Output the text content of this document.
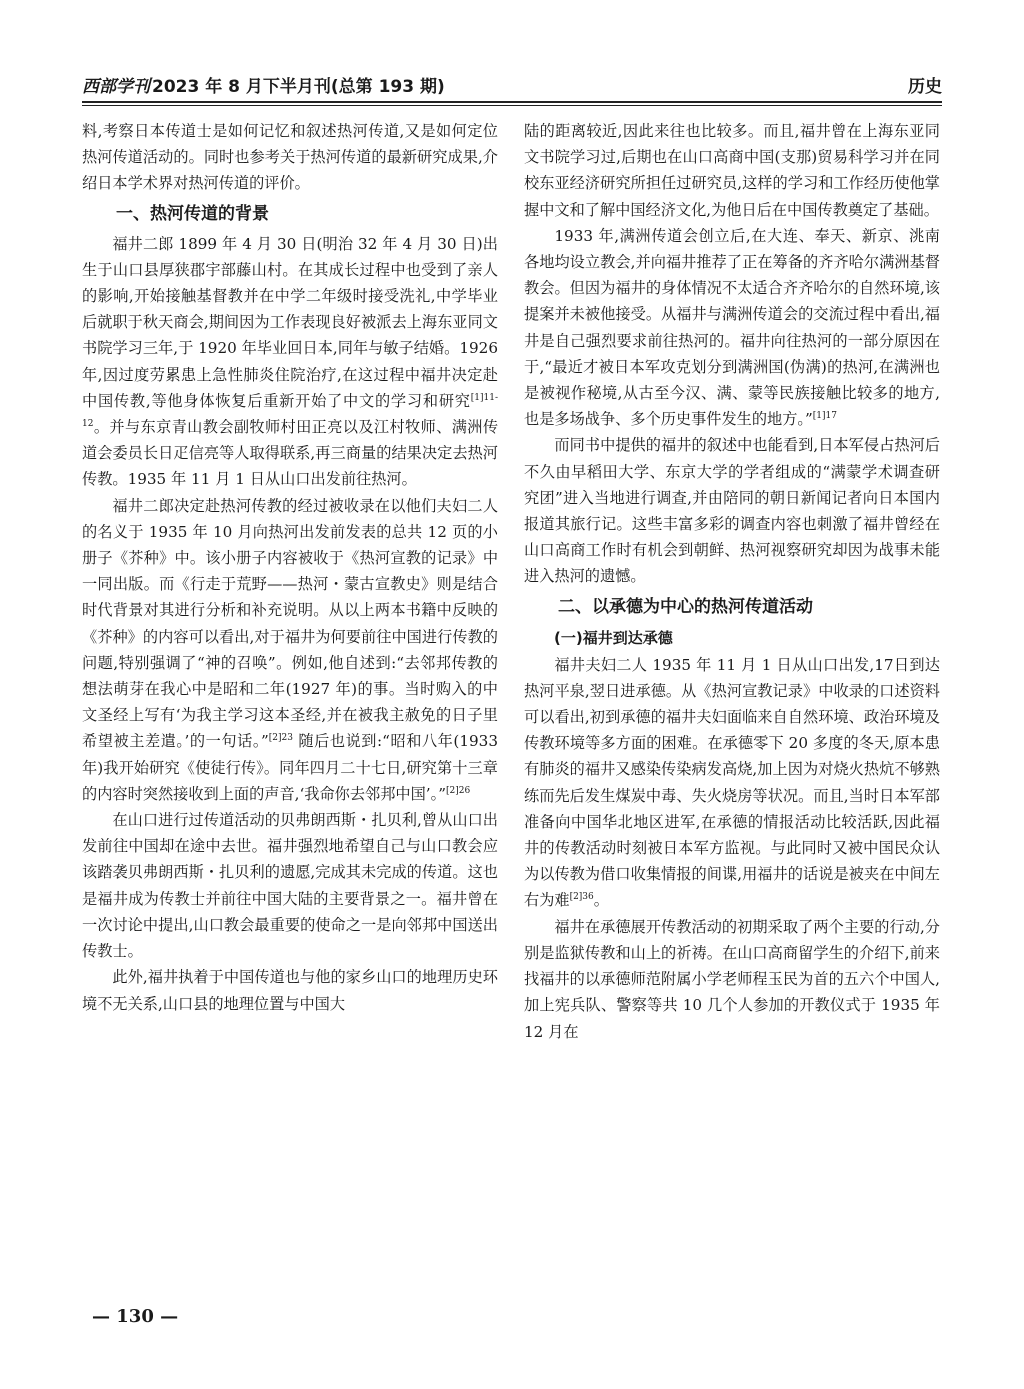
西部学刊 2023 年 8 月下半月刊(总第 193 期)	历史

料,考察日本传道士是如何记忆和叙述热河传道,又是如何定位热河传道活动的。同时也参考关于热河传道的最新研究成果,介绍日本学术界对热河传道的评价。

一、热河传道的背景

福井二郎 1899 年 4 月 30 日(明治 32 年 4 月 30 日)出生于山口县厚狭郡宇部藤山村。在其成长过程中也受到了亲人的影响,开始接触基督教并在中学二年级时接受洗礼,中学毕业后就职于秋天商会,期间因为工作表现良好被派去上海东亚同文书院学习三年,于 1920 年毕业回日本,同年与敏子结婚。1926年,因过度劳累患上急性肺炎住院治疗,在这过程中福井决定赴中国传教,等他身体恢复后重新开始了中文的学习和研究$^{[1]11-12}$。并与东京青山教会副牧师村田正亮以及江村牧师、满洲传道会委员长日疋信亮等人取得联系,再三商量的结果决定去热河传教。1935 年 11 月 1 日从山口出发前往热河。

福井二郎决定赴热河传教的经过被收录在以他们夫妇二人的名义于 1935 年 10 月向热河出发前发表的总共 12 页的小册子《芥种》中。该小册子内容被收于《热河宣教的记录》中一同出版。而《行走于荒野——热河・蒙古宣教史》则是结合时代背景对其进行分析和补充说明。从以上两本书籍中反映的《芥种》的内容可以看出,对于福井为何要前往中国进行传教的问题,特别强调了“神的召唤”。例如,他自述到:“去邻邦传教的想法萌芽在我心中是昭和二年(1927 年)的事。当时购入的中文圣经上写有‘为我主学习这本圣经,并在被我主赦免的日子里希望被主差遣。’的一句话。”$^{[2]23}$ 随后也说到:“昭和八年(1933年)我开始研究《使徒行传》。同年四月二十七日,研究第十三章的内容时突然接收到上面的声音,‘我命你去邻邦中国’。”$^{[2]26}$

在山口进行过传道活动的贝弗朗西斯・扎贝利,曾从山口出发前往中国却在途中去世。福井强烈地希望自己与山口教会应该踏袭贝弗朗西斯・扎贝利的遗愿,完成其未完成的传道。这也是福井成为传教士并前往中国大陆的主要背景之一。福井曾在一次讨论中提出,山口教会最重要的使命之一是向邻邦中国送出传教士。

此外,福井执着于中国传道也与他的家乡山口的地理历史环境不无关系,山口县的地理位置与中国大

陆的距离较近,因此来往也比较多。而且,福井曾在上海东亚同文书院学习过,后期也在山口高商中国(支那)贸易科学习并在同校东亚经济研究所担任过研究员,这样的学习和工作经历使他掌握中文和了解中国经济文化,为他日后在中国传教奠定了基础。

1933 年,满洲传道会创立后,在大连、奉天、新京、洮南各地均设立教会,并向福井推荐了正在筹备的齐齐哈尔满洲基督教会。但因为福井的身体情况不太适合齐齐哈尔的自然环境,该提案并未被他接受。从福井与满洲传道会的交流过程中看出,福井是自己强烈要求前往热河的。福井向往热河的一部分原因在于,“最近才被日本军攻克划分到满洲国(伪满)的热河,在满洲也是被视作秘境,从古至今汉、满、蒙等民族接触比较多的地方,也是多场战争、多个历史事件发生的地方。”$^{[1]17}$

而同书中提供的福井的叙述中也能看到,日本军侵占热河后不久由早稻田大学、东京大学的学者组成的“满蒙学术调查研究团”进入当地进行调查,并由陪同的朝日新闻记者向日本国内报道其旅行记。这些丰富多彩的调查内容也刺激了福井曾经在山口高商工作时有机会到朝鲜、热河视察研究却因为战事未能进入热河的遗憾。

二、以承德为中心的热河传道活动
(一)福井到达承德

福井夫妇二人 1935 年 11 月 1 日从山口出发,17日到达热河平泉,翌日进承德。从《热河宣教记录》中收录的口述资料可以看出,初到承德的福井夫妇面临来自自然环境、政治环境及传教环境等多方面的困难。在承德零下 20 多度的冬天,原本患有肺炎的福井又感染传染病发高烧,加上因为对烧火热炕不够熟练而先后发生煤炭中毒、失火烧房等状况。而且,当时日本军部准备向中国华北地区进军,在承德的情报活动比较活跃,因此福井的传教活动时刻被日本军方监视。与此同时又被中国民众认为以传教为借口收集情报的间谍,用福井的话说是被夹在中间左右为难$^{[2]36}$。

福井在承德展开传教活动的初期采取了两个主要的行动,分别是监狱传教和山上的祈祷。在山口高商留学生的介绍下,前来找福井的以承德师范附属小学老师程玉民为首的五六个中国人,加上宪兵队、警察等共 10 几个人参加的开教仪式于 1935 年 12 月在

— 130 —
